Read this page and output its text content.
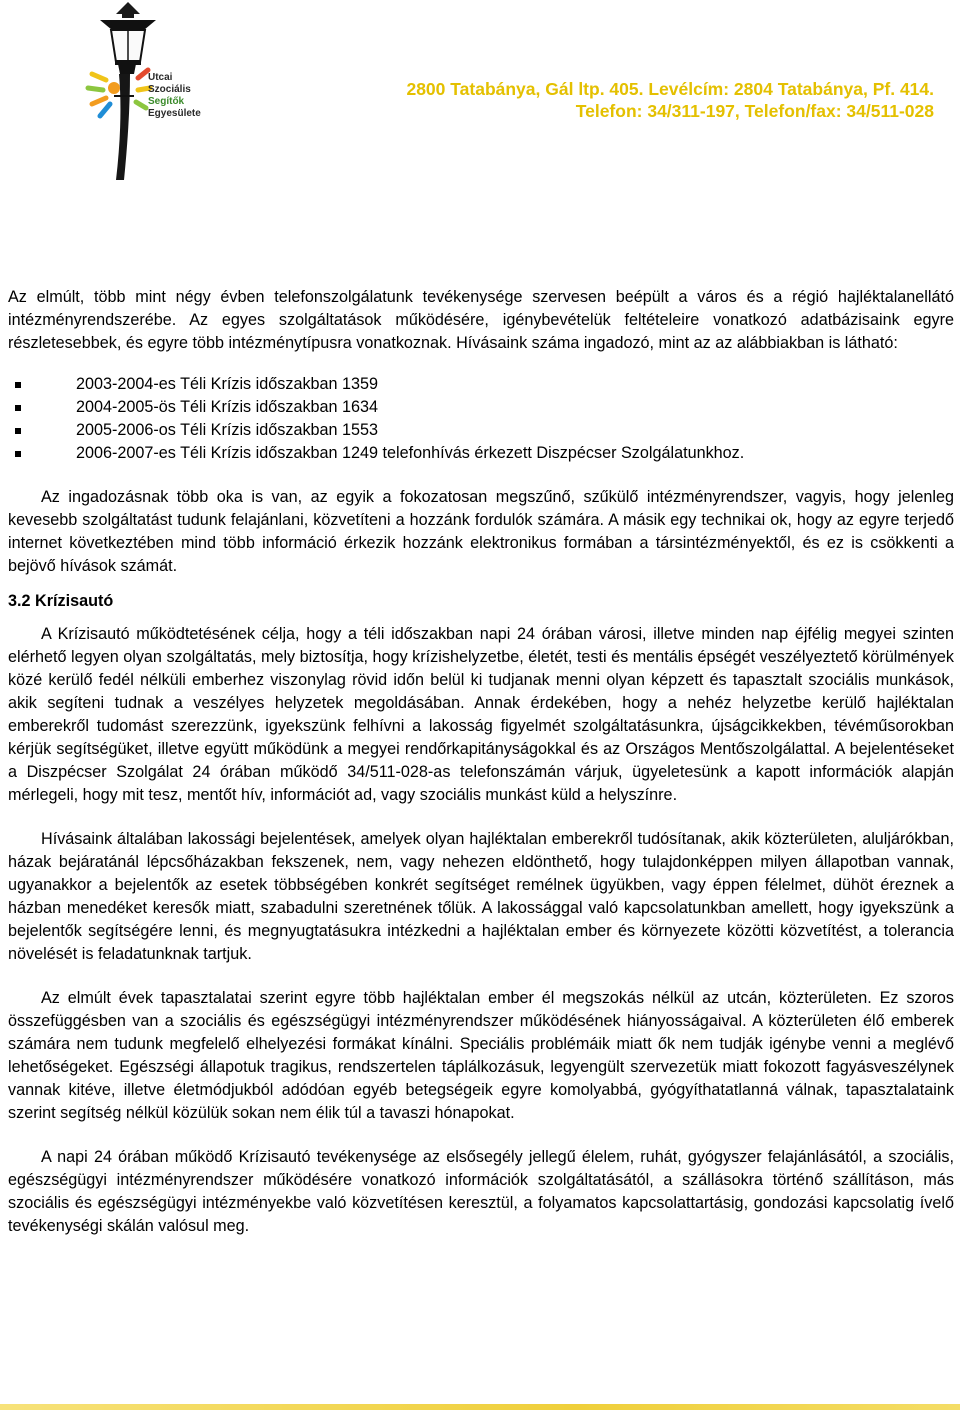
Utcai
Szociális
Segítők
Egyesülete
2800 Tatabánya, Gál ltp. 405. Levélcím: 2804 Tatabánya, Pf. 414.
Telefon: 34/311-197, Telefon/fax: 34/511-028

Az elmúlt, több mint négy évben telefonszolgálatunk tevékenysége szervesen beépült a város és a régió hajléktalanellátó intézményrendszerébe. Az egyes szolgáltatások működésére, igénybevételük feltételeire vonatkozó adatbázisaink egyre részletesebbek, és egyre több intézménytípusra vonatkoznak. Hívásaink száma ingadozó, mint az az alábbiakban is látható:

2003-2004-es Téli Krízis időszakban 1359
2004-2005-ös Téli Krízis időszakban 1634
2005-2006-os Téli Krízis időszakban 1553
2006-2007-es Téli Krízis időszakban 1249 telefonhívás érkezett Diszpécser Szolgálatunkhoz.

Az ingadozásnak több oka is van, az egyik a fokozatosan megszűnő, szűkülő intézményrendszer, vagyis, hogy jelenleg kevesebb szolgáltatást tudunk felajánlani, közvetíteni a hozzánk fordulók számára. A másik egy technikai ok, hogy az egyre terjedő internet következtében mind több információ érkezik hozzánk elektronikus formában a társintézményektől, és ez is csökkenti a bejövő hívások számát.

3.2 Krízisautó

A Krízisautó működtetésének célja, hogy a téli időszakban napi 24 órában városi, illetve minden nap éjfélig megyei szinten elérhető legyen olyan szolgáltatás, mely biztosítja, hogy krízishelyzetbe, életét, testi és mentális épségét veszélyeztető körülmények közé kerülő fedél nélküli emberhez viszonylag rövid időn belül ki tudjanak menni olyan képzett és tapasztalt szociális munkások, akik segíteni tudnak a veszélyes helyzetek megoldásában. Annak érdekében, hogy a nehéz helyzetbe kerülő hajléktalan emberekről tudomást szerezzünk, igyekszünk felhívni a lakosság figyelmét szolgáltatásunkra, újságcikkekben, tévéműsorokban kérjük segítségüket, illetve együtt működünk a megyei rendőrkapitányságokkal és az Országos Mentőszolgálattal. A bejelentéseket a Diszpécser Szolgálat 24 órában működő 34/511-028-as telefonszámán várjuk, ügyeletesünk a kapott információk alapján mérlegeli, hogy mit tesz, mentőt hív, információt ad, vagy szociális munkást küld a helyszínre.

Hívásaink általában lakossági bejelentések, amelyek olyan hajléktalan emberekről tudósítanak, akik közterületen, aluljárókban, házak bejáratánál lépcsőházakban fekszenek, nem, vagy nehezen eldönthető, hogy tulajdonképpen milyen állapotban vannak, ugyanakkor a bejelentők az esetek többségében konkrét segítséget remélnek ügyükben, vagy éppen félelmet, dühöt éreznek a házban menedéket keresők miatt, szabadulni szeretnének tőlük. A lakossággal való kapcsolatunkban amellett, hogy igyekszünk a bejelentők segítségére lenni, és megnyugtatásukra intézkedni a hajléktalan ember és környezete közötti közvetítést, a tolerancia növelését is feladatunknak tartjuk.

Az elmúlt évek tapasztalatai szerint egyre több hajléktalan ember él megszokás nélkül az utcán, közterületen. Ez szoros összefüggésben van a szociális és egészségügyi intézményrendszer működésének hiányosságaival. A közterületen élő emberek számára nem tudunk megfelelő elhelyezési formákat kínálni. Speciális problémáik miatt ők nem tudják igénybe venni a meglévő lehetőségeket. Egészségi állapotuk tragikus, rendszertelen táplálkozásuk, legyengült szervezetük miatt fokozott fagyásveszélynek vannak kitéve, illetve életmódjukból adódóan egyéb betegségeik egyre komolyabbá, gyógyíthatatlanná válnak, tapasztalataink szerint segítség nélkül közülük sokan nem élik túl a tavaszi hónapokat.

A napi 24 órában működő Krízisautó tevékenysége az elsősegély jellegű élelem, ruhát, gyógyszer felajánlásától, a szociális, egészségügyi intézményrendszer működésére vonatkozó információk szolgáltatásától, a szállásokra történő szállításon, más szociális és egészségügyi intézményekbe való közvetítésen keresztül, a folyamatos kapcsolattartásig, gondozási kapcsolatig ívelő tevékenységi skálán valósul meg.
